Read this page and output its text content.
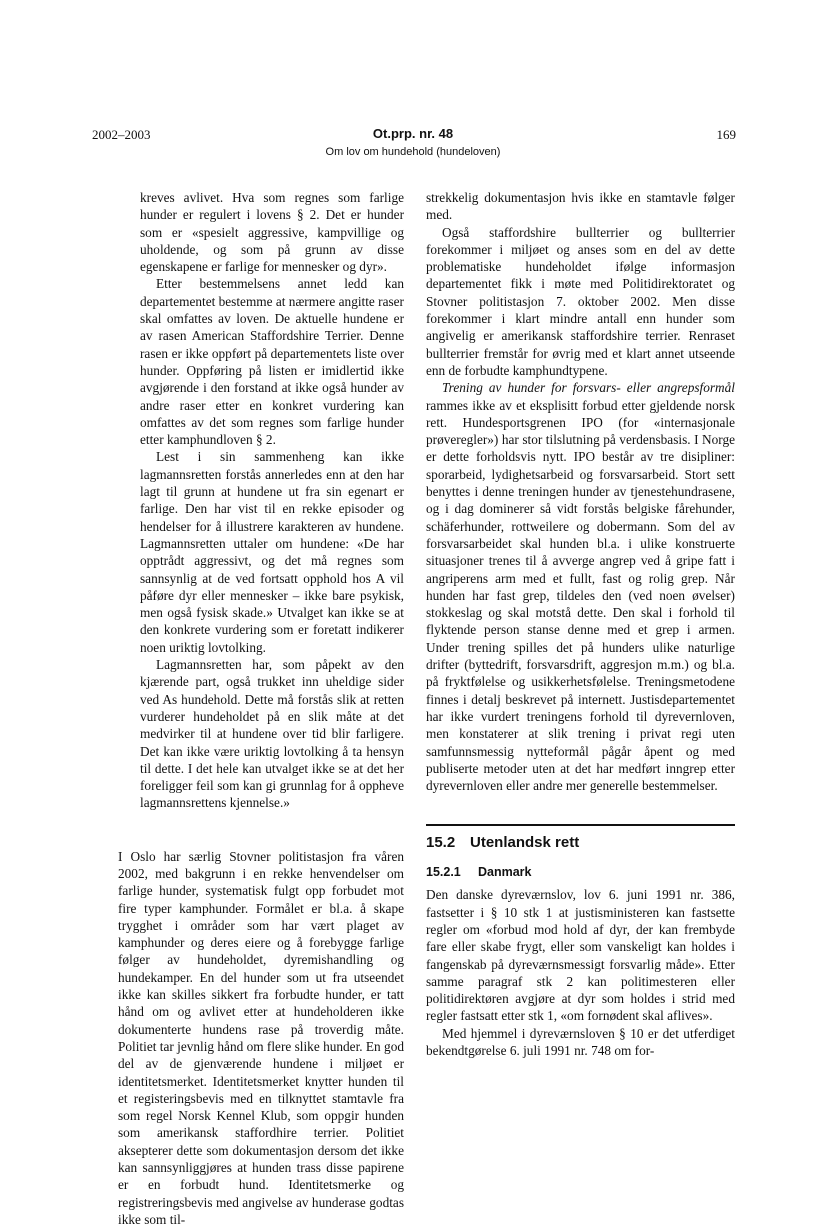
2002–2003	Ot.prp. nr. 48	169
Om lov om hundehold (hundeloven)

kreves avlivet. Hva som regnes som farlige hunder er regulert i lovens § 2. Det er hunder som er «spesielt aggressive, kampvillige og uholdende, og som på grunn av disse egenskapene er farlige for mennesker og dyr».

Etter bestemmelsens annet ledd kan departementet bestemme at nærmere angitte raser skal omfattes av loven. De aktuelle hundene er av rasen American Staffordshire Terrier. Denne rasen er ikke oppført på departementets liste over hunder. Oppføring på listen er imidlertid ikke avgjørende i den forstand at ikke også hunder av andre raser etter en konkret vurdering kan omfattes av det som regnes som farlige hunder etter kamphundloven § 2.

Lest i sin sammenheng kan ikke lagmannsretten forstås annerledes enn at den har lagt til grunn at hundene ut fra sin egenart er farlige. Den har vist til en rekke episoder og hendelser for å illustrere karakteren av hundene. Lagmannsretten uttaler om hundene: «De har opptrådt aggressivt, og det må regnes som sannsynlig at de ved fortsatt opphold hos A vil påføre dyr eller mennesker – ikke bare psykisk, men også fysisk skade.» Utvalget kan ikke se at den konkrete vurdering som er foretatt indikerer noen uriktig lovtolking.

Lagmannsretten har, som påpekt av den kjærende part, også trukket inn uheldige sider ved As hundehold. Dette må forstås slik at retten vurderer hundeholdet på en slik måte at det medvirker til at hundene over tid blir farligere. Det kan ikke være uriktig lovtolking å ta hensyn til dette. I det hele kan utvalget ikke se at det her foreligger feil som kan gi grunnlag for å oppheve lagmannsrettens kjennelse.»

I Oslo har særlig Stovner politistasjon fra våren 2002, med bakgrunn i en rekke henvendelser om farlige hunder, systematisk fulgt opp forbudet mot fire typer kamphunder. Formålet er bl.a. å skape trygghet i områder som har vært plaget av kamphunder og deres eiere og å forebygge farlige følger av hundeholdet, dyremishandling og hundekamper. En del hunder som ut fra utseendet ikke kan skilles sikkert fra forbudte hunder, er tatt hånd om og avlivet etter at hundeholderen ikke dokumenterte hundens rase på troverdig måte. Politiet tar jevnlig hånd om flere slike hunder. En god del av de gjenværende hundene i miljøet er identitetsmerket. Identitetsmerket knytter hunden til et registeringsbevis med en tilknyttet stamtavle fra som regel Norsk Kennel Klub, som oppgir hunden som amerikansk staffordhire terrier. Politiet aksepterer dette som dokumentasjon dersom det ikke kan sannsynliggjøres at hunden trass disse papirene er en forbudt hund. Identitetsmerke og registreringsbevis med angivelse av hunderase godtas ikke som til-

strekkelig dokumentasjon hvis ikke en stamtavle følger med.

Også staffordshire bullterrier og bullterrier forekommer i miljøet og anses som en del av dette problematiske hundeholdet ifølge informasjon departementet fikk i møte med Politidirektoratet og Stovner politistasjon 7. oktober 2002. Men disse forekommer i klart mindre antall enn hunder som angivelig er amerikansk staffordshire terrier. Renraset bullterrier fremstår for øvrig med et klart annet utseende enn de forbudte kamphundtypene.

Trening av hunder for forsvars- eller angrepsformål rammes ikke av et eksplisitt forbud etter gjeldende norsk rett. Hundesportsgrenen IPO (for «internasjonale prøveregler») har stor tilslutning på verdensbasis. I Norge er dette forholdsvis nytt. IPO består av tre disipliner: sporarbeid, lydighetsarbeid og forsvarsarbeid. Stort sett benyttes i denne treningen hunder av tjenestehundrasene, og i dag dominerer så vidt forstås belgiske fårehunder, schäferhunder, rottweilere og dobermann. Som del av forsvarsarbeidet skal hunden bl.a. i ulike konstruerte situasjoner trenes til å avverge angrep ved å gripe fatt i angriperens arm med et fullt, fast og rolig grep. Når hunden har fast grep, tildeles den (ved noen øvelser) stokkeslag og skal motstå dette. Den skal i forhold til flyktende person stanse denne med et grep i armen. Under trening spilles det på hunders ulike naturlige drifter (byttedrift, forsvarsdrift, aggresjon m.m.) og bl.a. på fryktfølelse og usikkerhetsfølelse. Treningsmetodene finnes i detalj beskrevet på internett. Justisdepartementet har ikke vurdert treningens forhold til dyrevernloven, men konstaterer at slik trening i privat regi uten samfunnsmessig nytteformål pågår åpent og med publiserte metoder uten at det har medført inngrep etter dyrevernloven eller andre mer generelle bestemmelser.

15.2 Utenlandsk rett
15.2.1 Danmark

Den danske dyreværnslov, lov 6. juni 1991 nr. 386, fastsetter i § 10 stk 1 at justisministeren kan fastsette regler om «forbud mod hold af dyr, der kan frembyde fare eller skabe frygt, eller som vanskeligt kan holdes i fangenskab på dyreværnsmessigt forsvarlig måde». Etter samme paragraf stk 2 kan politimesteren eller politidirektøren avgjøre at dyr som holdes i strid med regler fastsatt etter stk 1, «om fornødent skal aflives».

Med hjemmel i dyreværnsloven § 10 er det utferdiget bekendtgørelse 6. juli 1991 nr. 748 om for-
